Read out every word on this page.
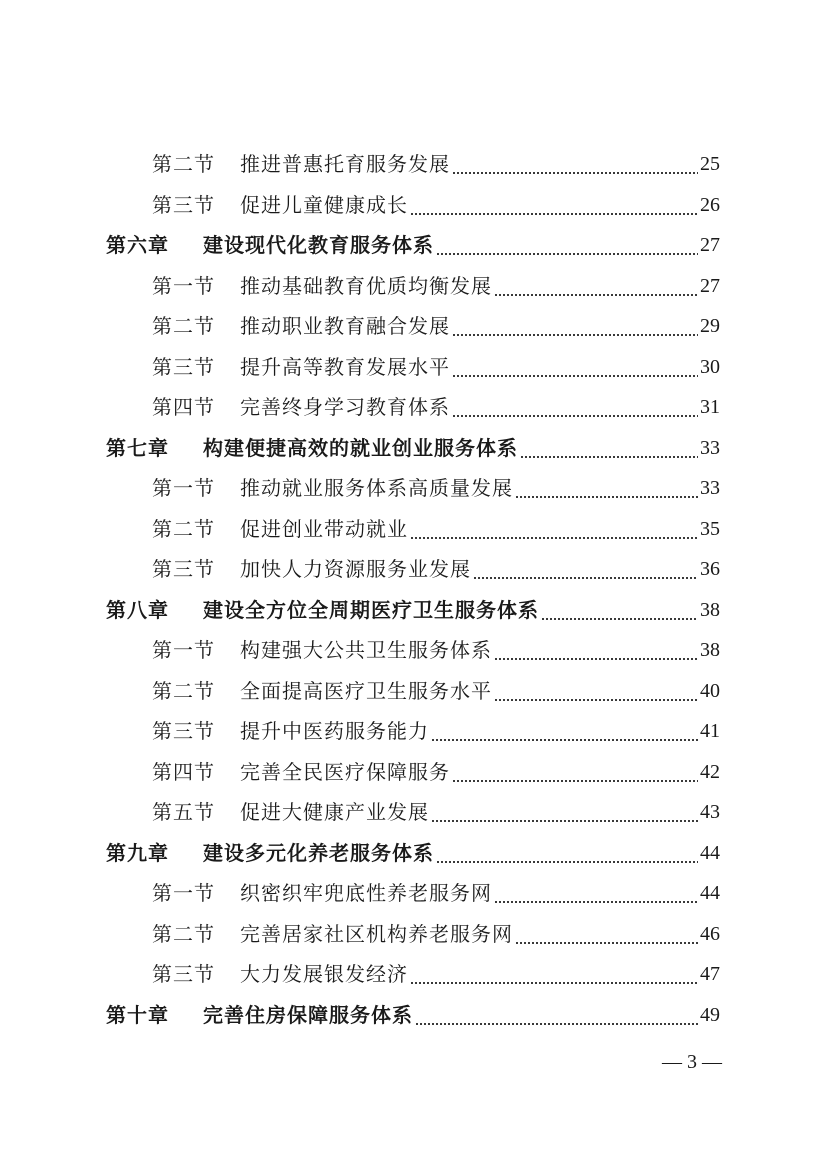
第二节	推进普惠托育服务发展	25
第三节	促进儿童健康成长	26
第六章 建设现代化教育服务体系	27
第一节	推动基础教育优质均衡发展	27
第二节	推动职业教育融合发展	29
第三节	提升高等教育发展水平	30
第四节	完善终身学习教育体系	31
第七章 构建便捷高效的就业创业服务体系	33
第一节	推动就业服务体系高质量发展	33
第二节	促进创业带动就业	35
第三节	加快人力资源服务业发展	36
第八章 建设全方位全周期医疗卫生服务体系	38
第一节	构建强大公共卫生服务体系	38
第二节	全面提高医疗卫生服务水平	40
第三节	提升中医药服务能力	41
第四节	完善全民医疗保障服务	42
第五节	促进大健康产业发展	43
第九章 建设多元化养老服务体系	44
第一节	织密织牢兜底性养老服务网	44
第二节	完善居家社区机构养老服务网	46
第三节	大力发展银发经济	47
第十章 完善住房保障服务体系	49
— 3 —
